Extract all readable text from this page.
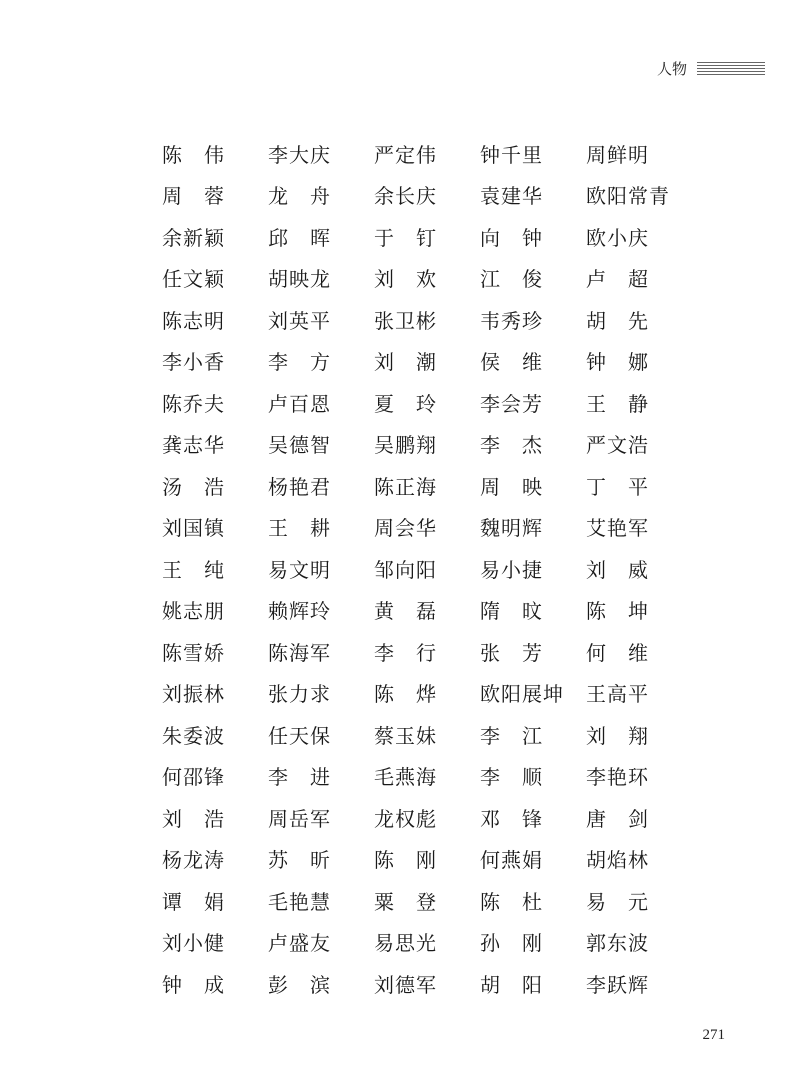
人物
陈　伟	李大庆	严定伟	钟千里	周鲜明
周　蓉	龙　舟	余长庆	袁建华	欧阳常青
余新颖	邱　晖	于　钉	向　钟	欧小庆
任文颖	胡映龙	刘　欢	江　俊	卢　超
陈志明	刘英平	张卫彬	韦秀珍	胡　先
李小香	李　方	刘　潮	侯　维	钟　娜
陈乔夫	卢百恩	夏　玲	李会芳	王　静
龚志华	吴德智	吴鹏翔	李　杰	严文浩
汤　浩	杨艳君	陈正海	周　映	丁　平
刘国镇	王　耕	周会华	魏明辉	艾艳军
王　纯	易文明	邹向阳	易小捷	刘　威
姚志朋	赖辉玲	黄　磊	隋　旼	陈　坤
陈雪娇	陈海军	李　行	张　芳	何　维
刘振林	张力求	陈　烨	欧阳展坤	王高平
朱委波	任天保	蔡玉妹	李　江	刘　翔
何邵锋	李　进	毛燕海	李　顺	李艳环
刘　浩	周岳军	龙权彪	邓　锋	唐　剑
杨龙涛	苏　昕	陈　刚	何燕娟	胡焰林
谭　娟	毛艳慧	粟　登	陈　杜	易　元
刘小健	卢盛友	易思光	孙　刚	郭东波
钟　成	彭　滨	刘德军	胡　阳	李跃辉
271
